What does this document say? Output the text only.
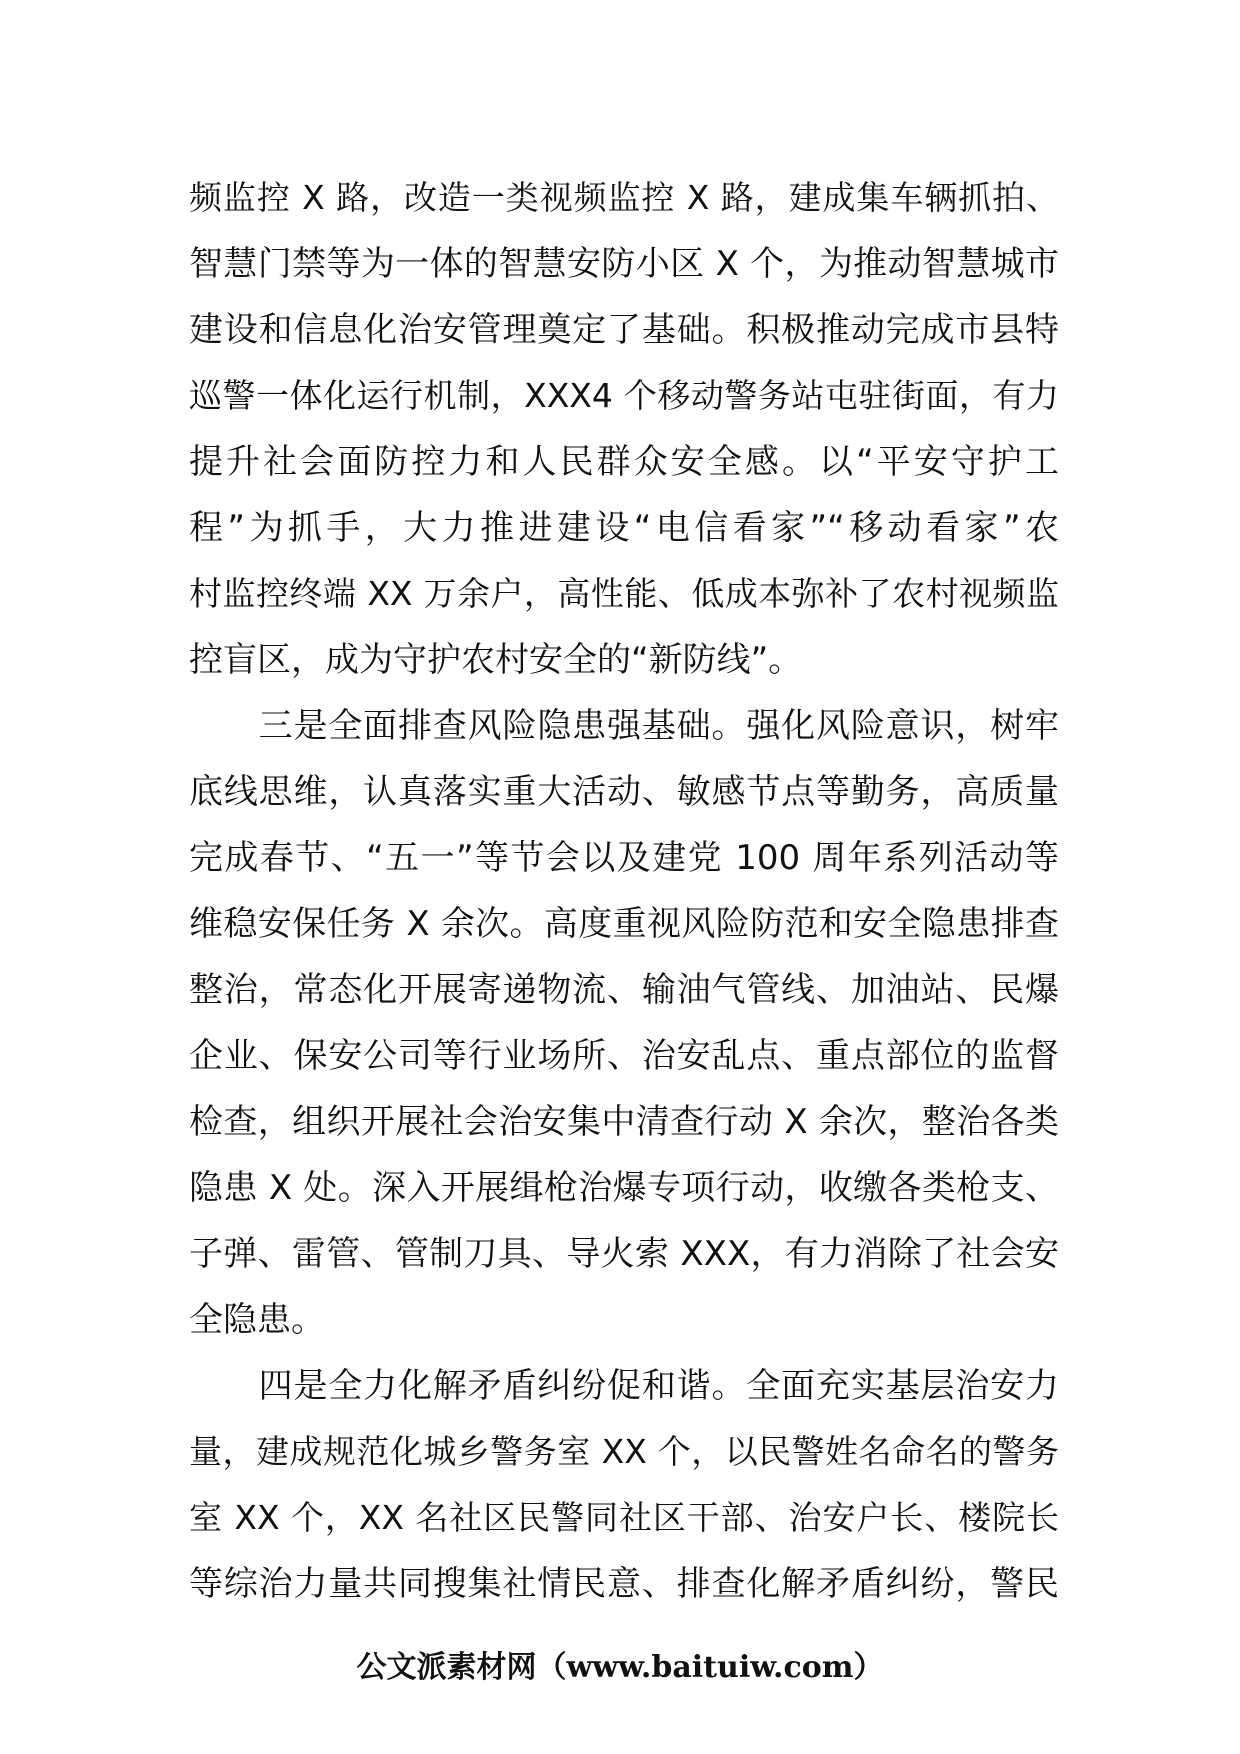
频监控 X 路，改造一类视频监控 X 路，建成集车辆抓拍、
智慧门禁等为一体的智慧安防小区 X 个，为推动智慧城市
建设和信息化治安管理奠定了基础。积极推动完成市县特
巡警一体化运行机制，XXX4 个移动警务站屯驻街面，有力
提升社会面防控力和人民群众安全感。以“平安守护工
程”为抓手，大力推进建设“电信看家”“移动看家”农
村监控终端 XX 万余户，高性能、低成本弥补了农村视频监
控盲区，成为守护农村安全的“新防线”。
　　三是全面排查风险隐患强基础。强化风险意识，树牢
底线思维，认真落实重大活动、敏感节点等勤务，高质量
完成春节、“五一”等节会以及建党 100 周年系列活动等
维稳安保任务 X 余次。高度重视风险防范和安全隐患排查
整治，常态化开展寄递物流、输油气管线、加油站、民爆
企业、保安公司等行业场所、治安乱点、重点部位的监督
检查，组织开展社会治安集中清查行动 X 余次，整治各类
隐患 X 处。深入开展缉枪治爆专项行动，收缴各类枪支、
子弹、雷管、管制刀具、导火索 XXX，有力消除了社会安
全隐患。
　　四是全力化解矛盾纠纷促和谐。全面充实基层治安力
量，建成规范化城乡警务室 XX 个，以民警姓名命名的警务
室 XX 个，XX 名社区民警同社区干部、治安户长、楼院长
等综治力量共同搜集社情民意、排查化解矛盾纠纷，警民
公文派素材网（www.baituiw.com）
